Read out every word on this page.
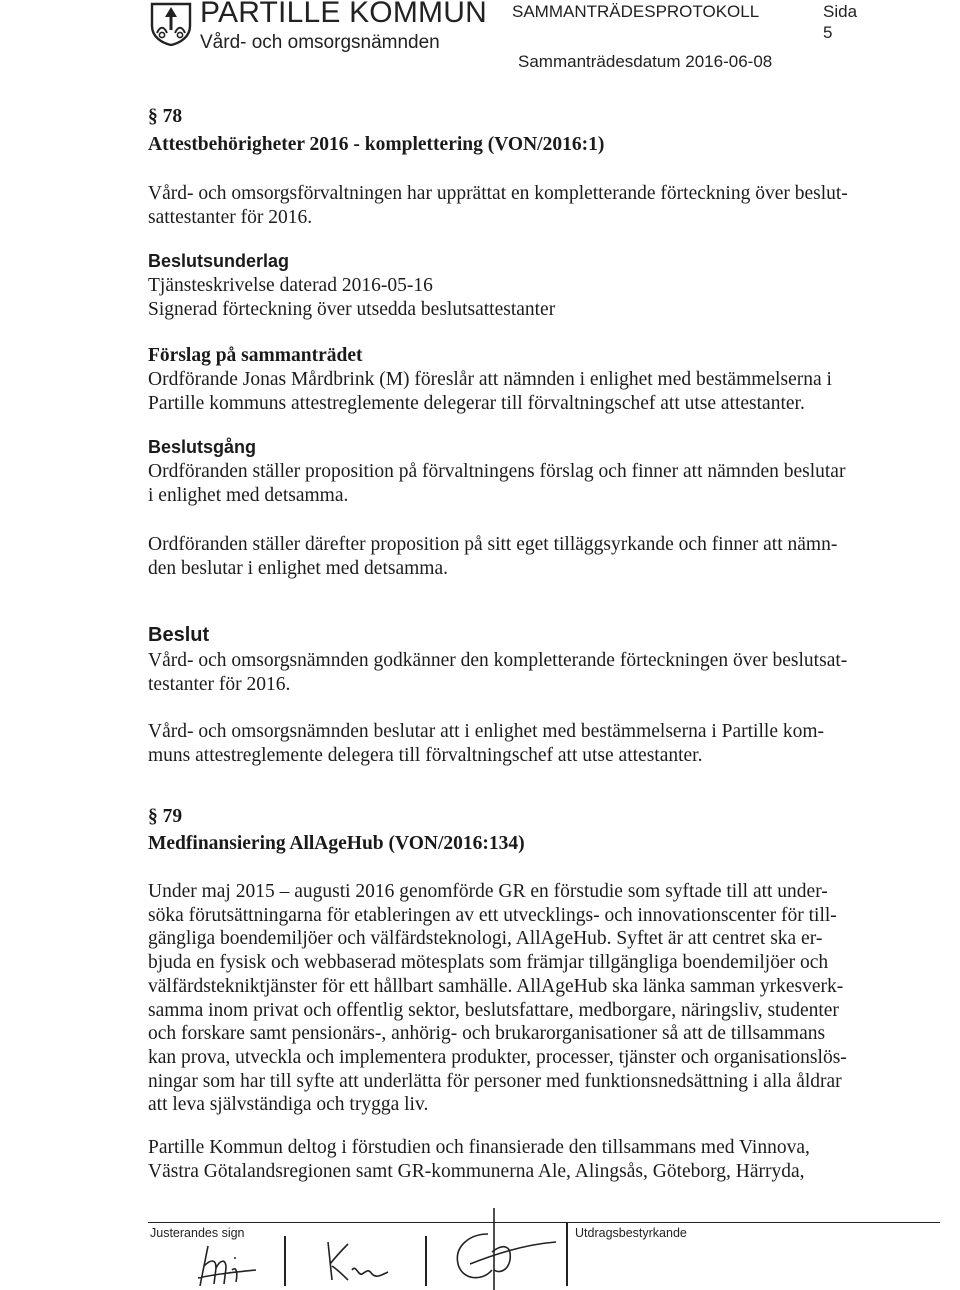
PARTILLE KOMMUN
Vård- och omsorgsnämnden
SAMMANTRÄDESPROTOKOLL	Sida
5
Sammanträdesdatum 2016-06-08
§ 78
Attestbehörigheter 2016 - komplettering (VON/2016:1)
Vård- och omsorgsförvaltningen har upprättat en kompletterande förteckning över beslut-
sattestanter för 2016.
Beslutsunderlag
Tjänsteskrivelse daterad 2016-05-16
Signerad förteckning över utsedda beslutsattestanter
Förslag på sammanträdet
Ordförande Jonas Mårdbrink (M) föreslår att nämnden i enlighet med bestämmelserna i
Partille kommuns attestreglemente delegerar till förvaltningschef att utse attestanter.
Beslutsgång
Ordföranden ställer proposition på förvaltningens förslag och finner att nämnden beslutar
i enlighet med detsamma.
Ordföranden ställer därefter proposition på sitt eget tilläggsyrkande och finner att nämn-
den beslutar i enlighet med detsamma.
Beslut
Vård- och omsorgsnämnden godkänner den kompletterande förteckningen över beslutsat-
testanter för 2016.
Vård- och omsorgsnämnden beslutar att i enlighet med bestämmelserna i Partille kom-
muns attestreglemente delegera till förvaltningschef att utse attestanter.
§ 79
Medfinansiering AllAgeHub (VON/2016:134)
Under maj 2015 – augusti 2016 genomförde GR en förstudie som syftade till att under-
söka förutsättningarna för etableringen av ett utvecklings- och innovationscenter för till-
gängliga boendemiljöer och välfärdsteknologi, AllAgeHub. Syftet är att centret ska er-
bjuda en fysisk och webbaserad mötesplats som främjar tillgängliga boendemiljöer och
välfärdstekniktjänster för ett hållbart samhälle. AllAgeHub ska länka samman yrkesverk-
samma inom privat och offentlig sektor, beslutsfattare, medborgare, näringsliv, studenter
och forskare samt pensionärs-, anhörig- och brukarorganisationer så att de tillsammans
kan prova, utveckla och implementera produkter, processer, tjänster och organisationslös-
ningar som har till syfte att underlätta för personer med funktionsnedsättning i alla åldrar
att leva självständiga och trygga liv.
Partille Kommun deltog i förstudien och finansierade den tillsammans med Vinnova,
Västra Götalandsregionen samt GR-kommunerna Ale, Alingsås, Göteborg, Härryda,
Justerandes sign	Utdragsbestyrkande
